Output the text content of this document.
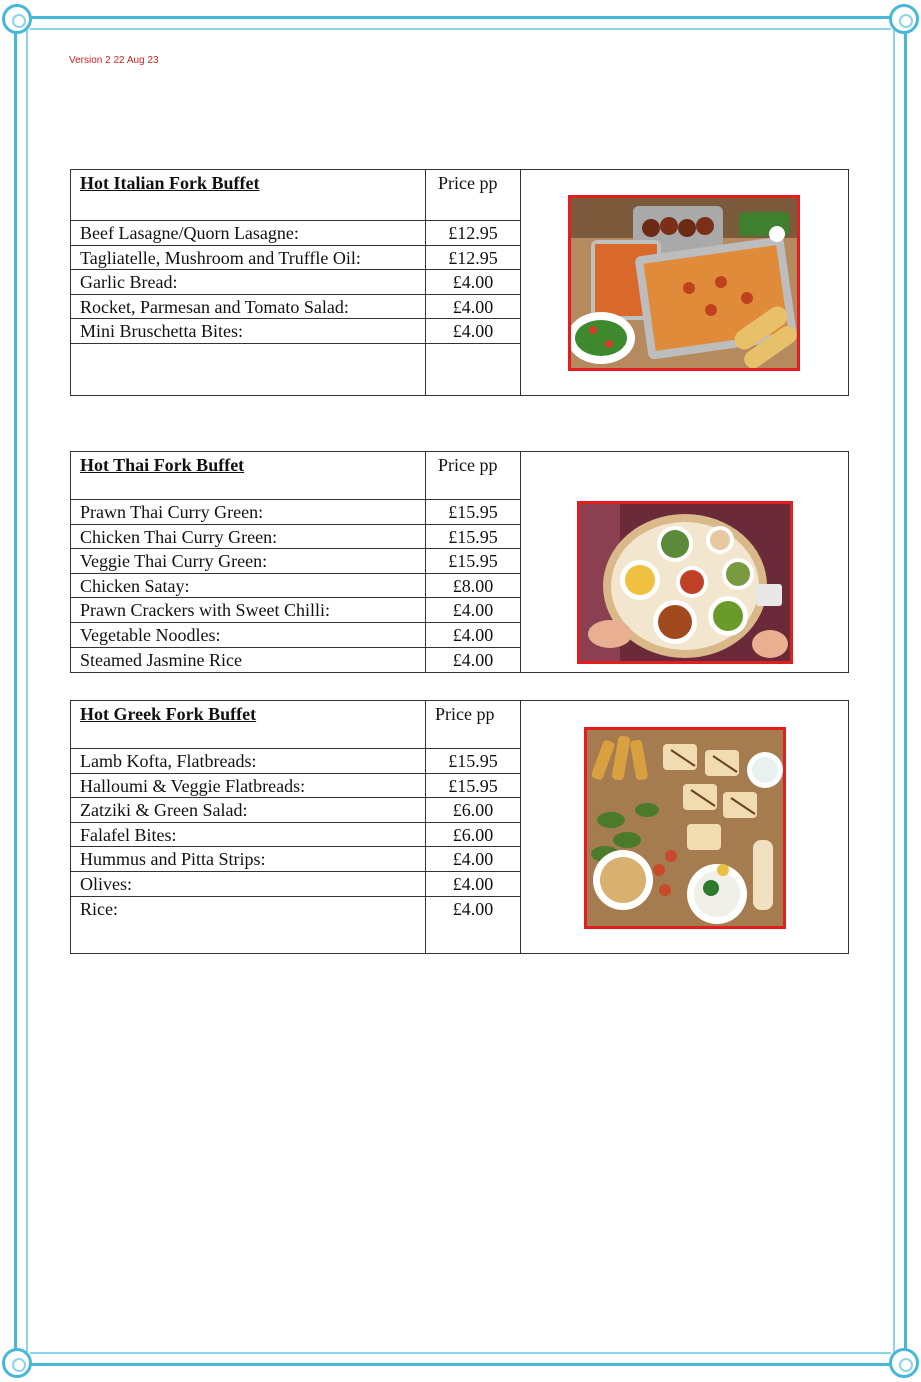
Version 2 22 Aug 23
Hot Italian Fork Buffet
Beef Lasagne/Quorn Lasagne:
Tagliatelle, Mushroom and Truffle Oil:
Garlic Bread:
Rocket, Parmesan and Tomato Salad:
Mini Bruschetta Bites:
Price pp
£12.95
£12.95
£4.00
£4.00
£4.00
Hot Thai Fork Buffet
Prawn Thai Curry Green:
Chicken Thai Curry Green:
Veggie Thai Curry Green:
Chicken Satay:
Prawn Crackers with Sweet Chilli:
Vegetable Noodles:
Steamed Jasmine Rice
Price pp
£15.95
£15.95
£15.95
£8.00
£4.00
£4.00
£4.00
Hot Greek Fork Buffet
Lamb Kofta, Flatbreads:
Halloumi & Veggie Flatbreads:
Zatziki & Green Salad:
Falafel Bites:
Hummus and Pitta Strips:
Olives:
Rice:
Price pp
£15.95
£15.95
£6.00
£6.00
£4.00
£4.00
£4.00
